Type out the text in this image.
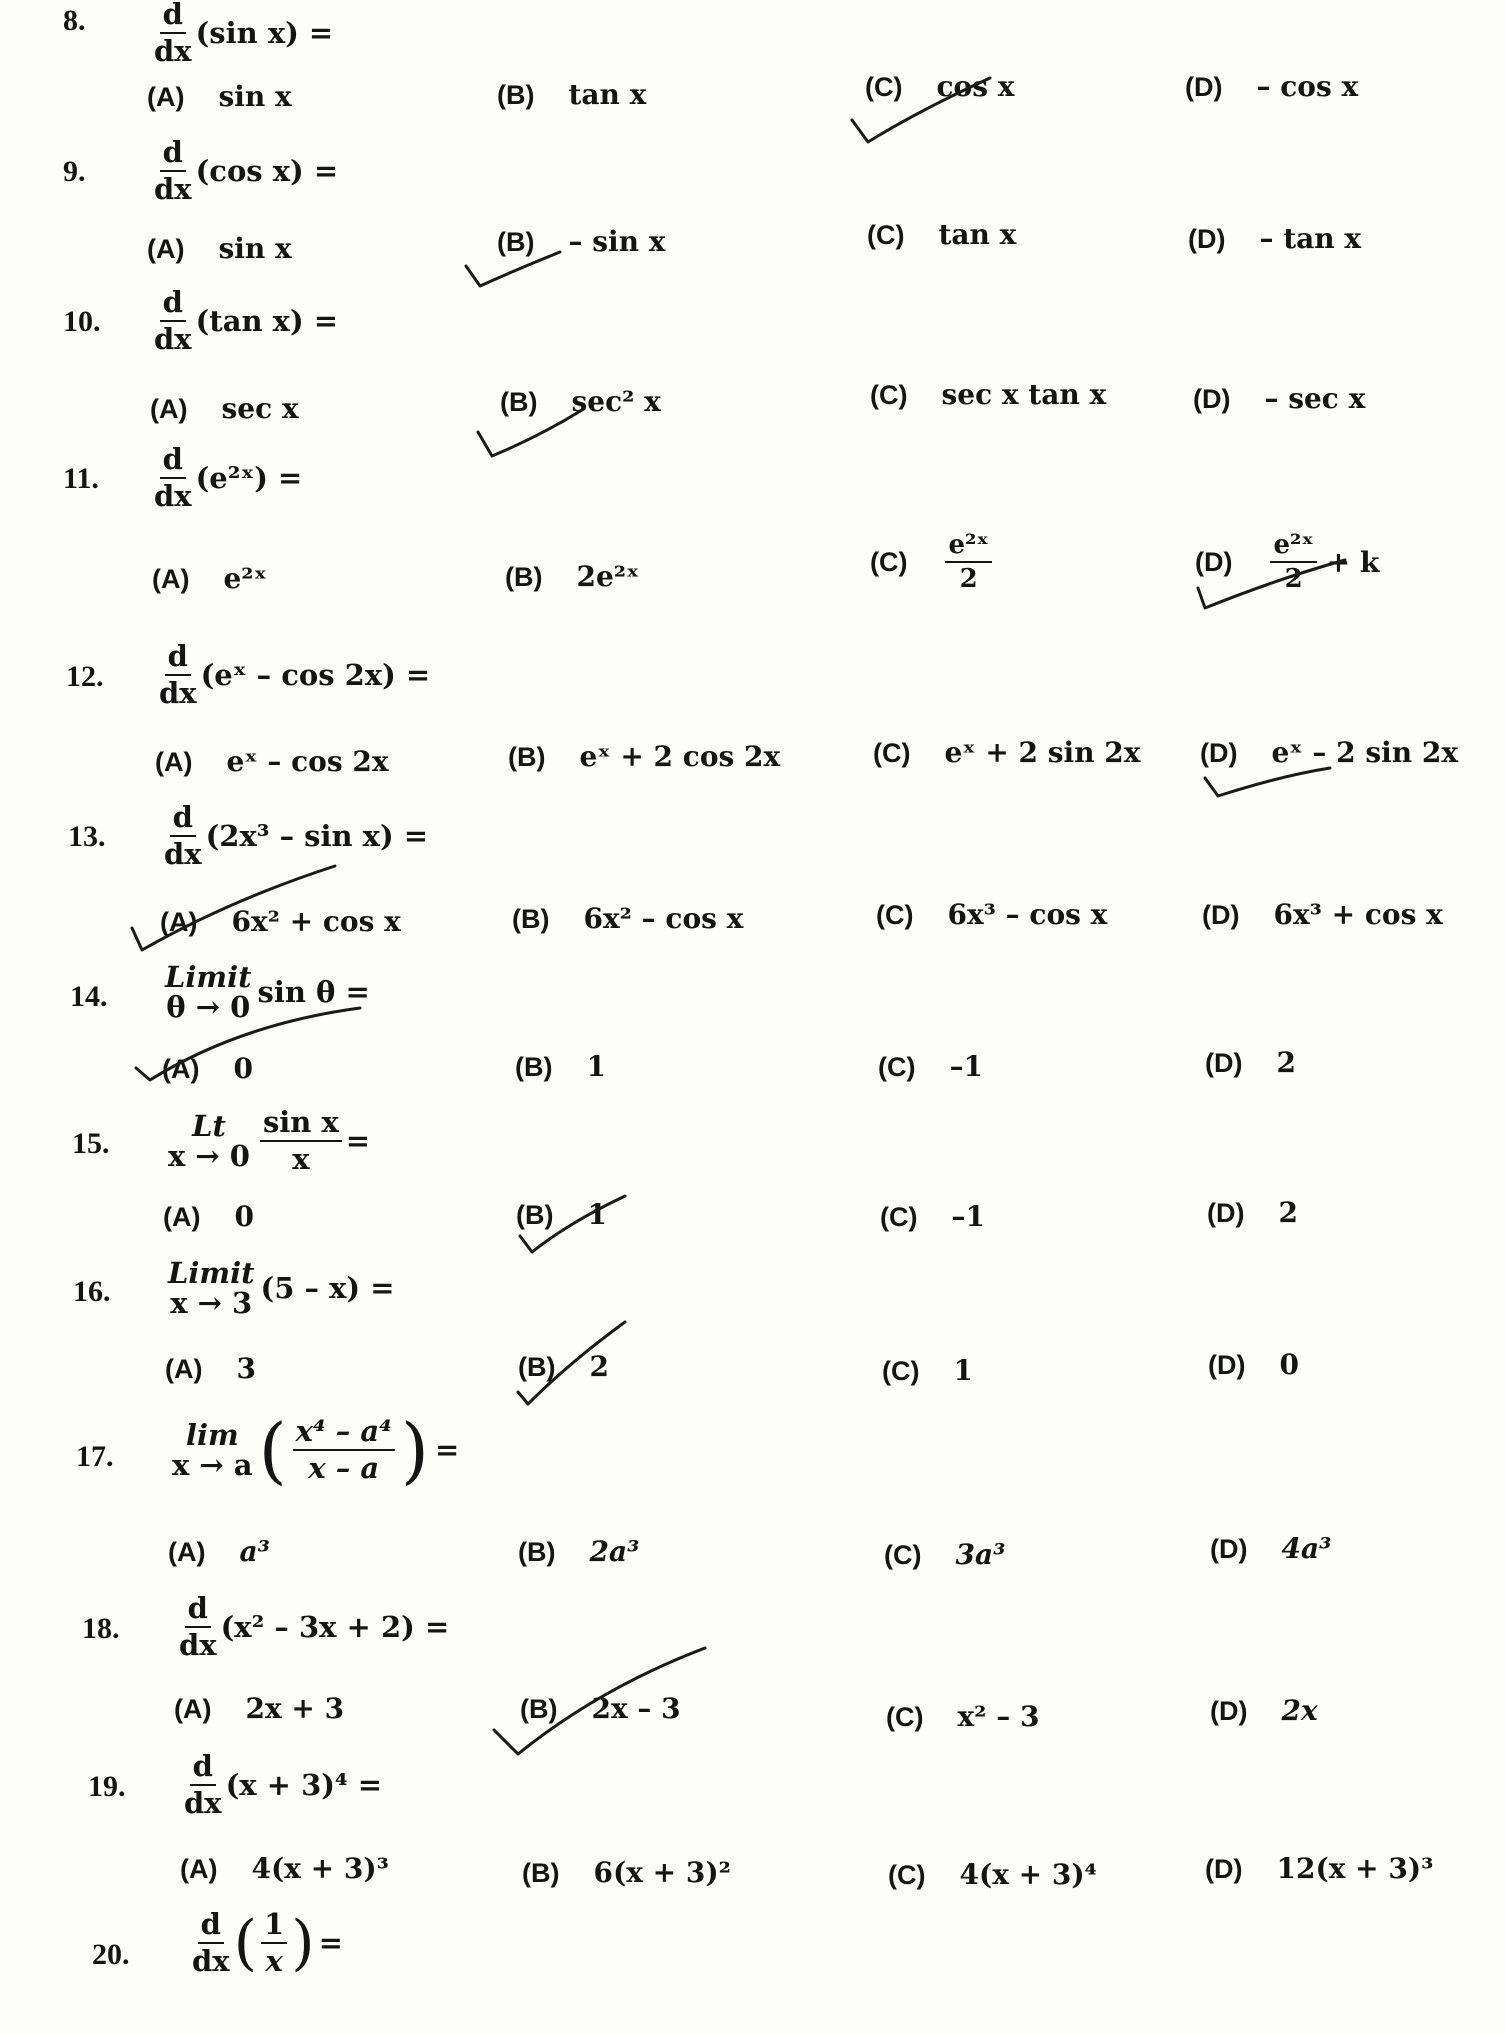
8. $\frac{d}{dx} (\sin$ x) =
(A) sin x	(B) tan x	(C) cos x	(D) – cos x
9. $\frac{d}{dx} (\cos$ x) =
(A) sin x	(B) – sin x	(C) tan x	(D) – tan x
10. $\frac{d}{dx} (\tan$ x) =
(A) sec x	(B) sec² x	(C) sec x tan x	(D) – sec x
11. $\frac{d}{dx}$ (e²ˣ) =
(A) e²ˣ	(B) 2e²ˣ	$(C) \frac{\text{e²ˣ}}{2}$	$(D) \frac{\text{e²ˣ}}{2} + k$
12. $\frac{d}{dx}$ (eˣ – cos 2x) =
(A) eˣ – cos 2x	(B) eˣ + 2 cos 2x	(C) eˣ + 2 sin 2x (D) eˣ – 2 sin 2x
13. $\frac{d}{dx} (2x^3$ – sin x) =
(A) 6x² + cos x	(B) 6x² – cos x	(C) 6x³ – cos x	(D) 6x³ + cos x
14.
Limit
θ → 0 sin θ =
(A) 0	(B) 1	(C) –1	(D) 2
15.
Lt
$x \to 0 \frac{\text{sin x}}{x}$ =
(A) 0	(B) 1	(C) –1	(D) 2
16.
Limit
x → 3 (5 – x) =
(A) 3	(B) 2	(C) 1	(D) 0
17.
lim
x → a ( $\frac{\text{x⁴ – a⁴}}{x - a}$ ) =
(A) a³	(B) 2a³	(C) 3a³	(D) 4a³
18. $\frac{d}{dx} (x^2 - 3x + 2)$ =
(A) 2x + 3	(B) 2x – 3	(C) x² – 3	(D) 2x
19. $\frac{d}{dx} (x + 3)^4$ =
(A) 4(x + 3)³	(B) 6(x + 3)²	(C) 4(x + 3)⁴	(D) 12(x + 3)³
20. $\frac{d}{dx}$ ( $\frac{1}{x}$ ) =
